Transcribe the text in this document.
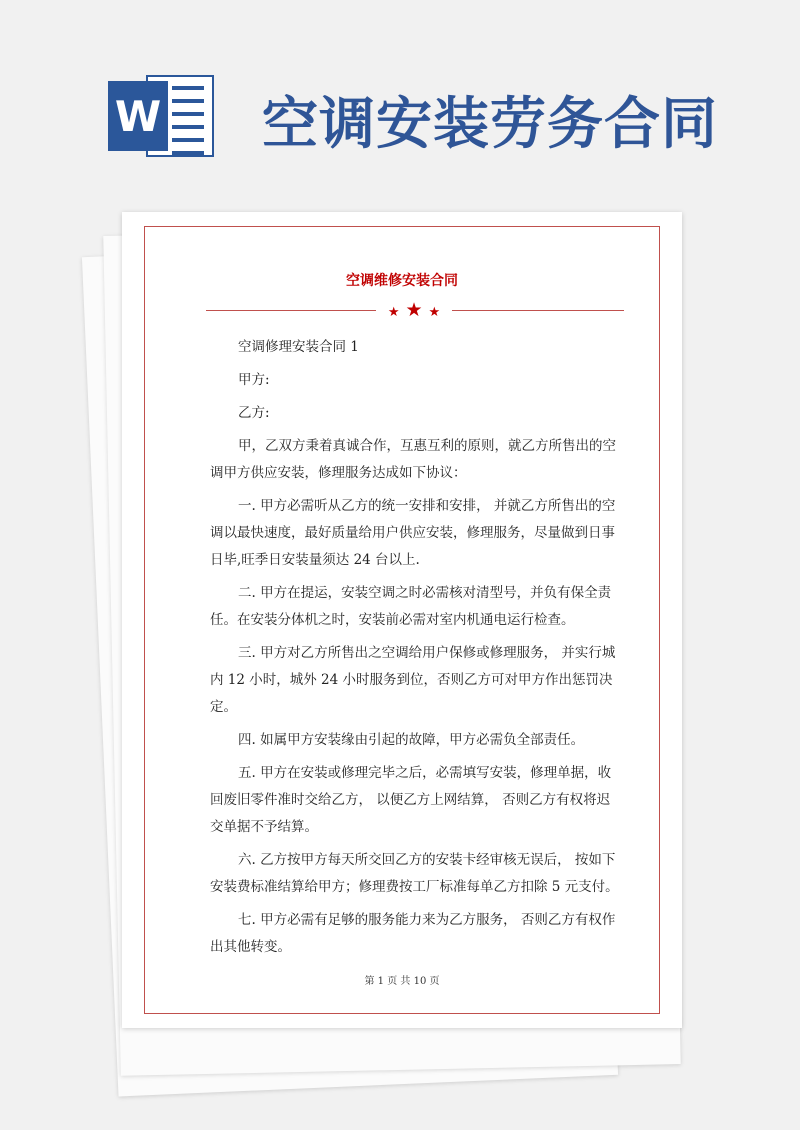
W 空调安装劳务合同
空调维修安装合同
★ ★ ★

空调修理安装合同 1

甲方:

乙方:

甲，乙双方秉着真诚合作，互惠互利的原则，就乙方所售出的空调甲方供应安装，修理服务达成如下协议：

一. 甲方必需听从乙方的统一安排和安排， 并就乙方所售出的空调以最快速度，最好质量给用户供应安装，修理服务，尽量做到日事日毕,旺季日安装量须达 24 台以上.

二. 甲方在提运，安装空调之时必需核对清型号，并负有保全责任。在安装分体机之时，安装前必需对室内机通电运行检查。

三. 甲方对乙方所售出之空调给用户保修或修理服务， 并实行城内 12 小时，城外 24 小时服务到位，否则乙方可对甲方作出惩罚决定。

四. 如属甲方安装缘由引起的故障，甲方必需负全部责任。

五. 甲方在安装或修理完毕之后，必需填写安装，修理单据，收回废旧零件准时交给乙方， 以便乙方上网结算， 否则乙方有权将迟交单据不予结算。

六. 乙方按甲方每天所交回乙方的安装卡经审核无误后， 按如下安装费标准结算给甲方；修理费按工厂标准每单乙方扣除 5 元支付。

七. 甲方必需有足够的服务能力来为乙方服务， 否则乙方有权作出其他转变。

第 1 页 共 10 页
